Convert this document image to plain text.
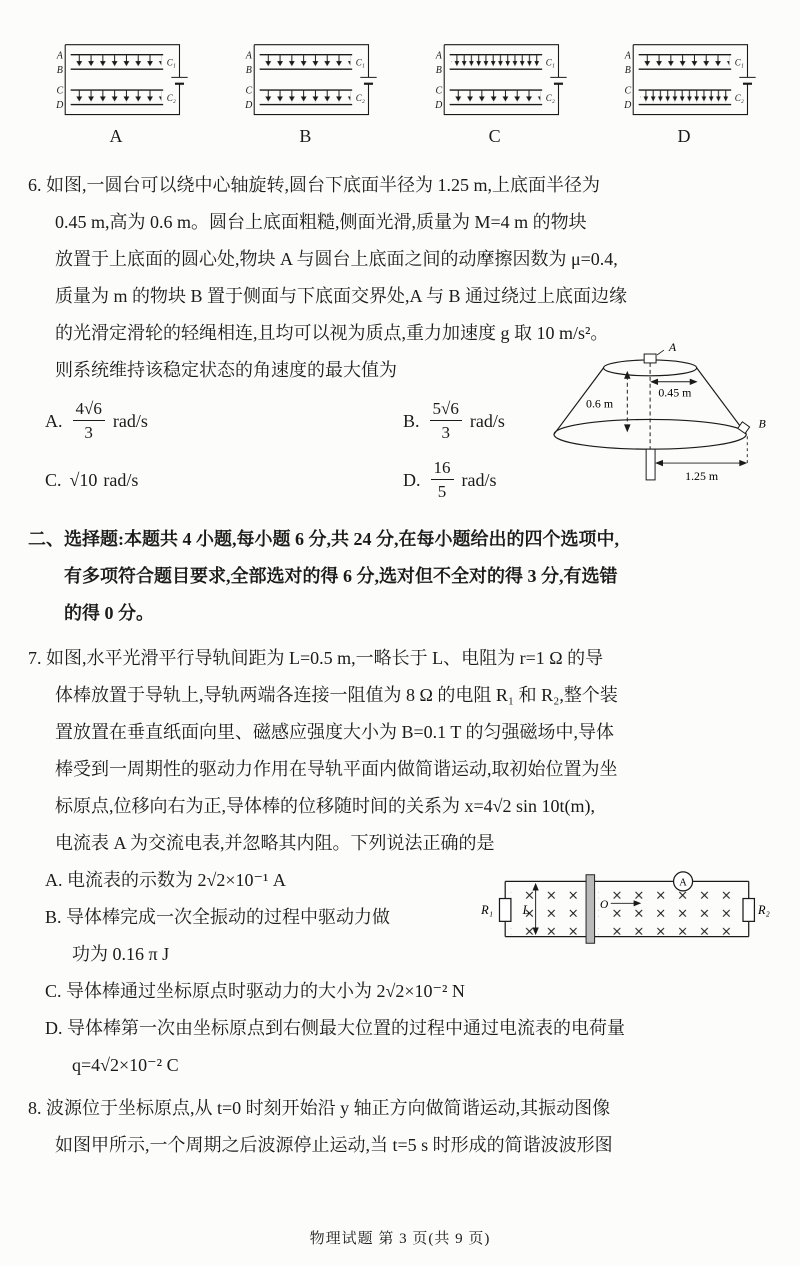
A
B
C
D
C₁
C₂
A
A
B
C
D
C₁
C₂
B
A
B
C
D
C₁
C₂
C
A
B
C
D
C₁
C₂
D
6. 如图,一圆台可以绕中心轴旋转,圆台下底面半径为 1.25 m,上底面半径为
0.45 m,高为 0.6 m。圆台上底面粗糙,侧面光滑,质量为 M=4 m 的物块
放置于上底面的圆心处,物块 A 与圆台上底面之间的动摩擦因数为 μ=0.4,
质量为 m 的物块 B 置于侧面与下底面交界处,A 与 B 通过绕过上底面边缘
的光滑定滑轮的轻绳相连,且均可以视为质点,重力加速度 g 取 10 m/s²。
则系统维持该稳定状态的角速度的最大值为
A. $\frac{4√6}{3} rad/s$	B. $\frac{5√6}{3} rad/s$
C. √10 rad/s	D. $\frac{16}{5} rad/s$
A
0.45 m
0.6 m
B
1.25 m
二、选择题:本题共 4 小题,每小题 6 分,共 24 分,在每小题给出的四个选项中,
有多项符合题目要求,全部选对的得 6 分,选对但不全对的得 3 分,有选错
的得 0 分。
7. 如图,水平光滑平行导轨间距为 L=0.5 m,一略长于 L、电阻为 r=1 Ω 的导
体棒放置于导轨上,导轨两端各连接一阻值为 8 Ω 的电阻 R₁ 和 R₂,整个装
置放置在垂直纸面向里、磁感应强度大小为 B=0.1 T 的匀强磁场中,导体
棒受到一周期性的驱动力作用在导轨平面内做简谐运动,取初始位置为坐
标原点,位移向右为正,导体棒的位移随时间的关系为 x=4√2 sin 10t(m),
电流表 A 为交流电表,并忽略其内阻。下列说法正确的是
A. 电流表的示数为 2√2×10⁻¹ A
B. 导体棒完成一次全振动的过程中驱动力做
功为 0.16 π J
L	O
R₁	R₂
A
C. 导体棒通过坐标原点时驱动力的大小为 2√2×10⁻² N
D. 导体棒第一次由坐标原点到右侧最大位置的过程中通过电流表的电荷量
q=4√2×10⁻² C
8. 波源位于坐标原点,从 t=0 时刻开始沿 y 轴正方向做简谐运动,其振动图像
如图甲所示,一个周期之后波源停止运动,当 t=5 s 时形成的简谐波波形图
物理试题 第 3 页(共 9 页)
